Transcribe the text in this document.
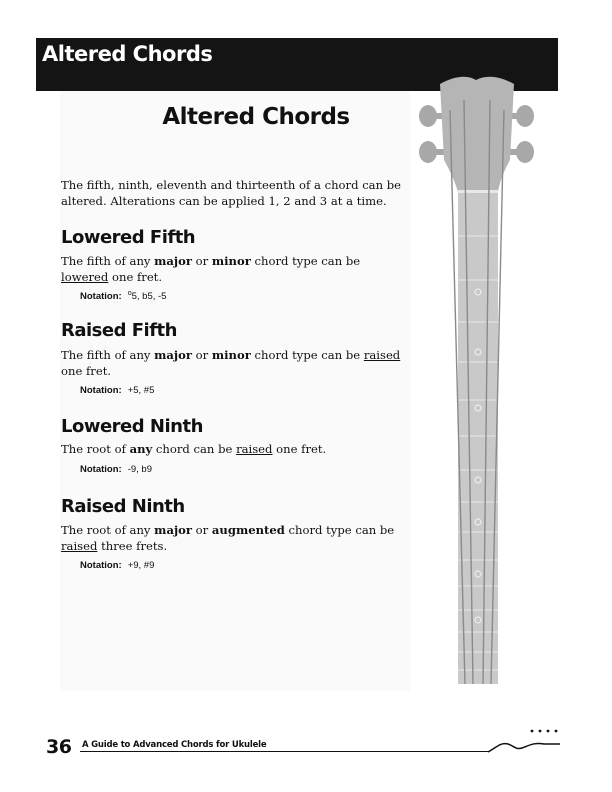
Altered Chords
Altered Chords
The fifth, ninth, eleventh and thirteenth of a chord can be altered. Alterations can be applied 1, 2 and 3 at a time.
Lowered Fifth
The fifth of any major or minor chord type can be lowered one fret.
Notation: $^o$5, b5, -5
Raised Fifth
The fifth of any major or minor chord type can be raised one fret.
Notation: +5, #5
Lowered Ninth
The root of any chord can be raised one fret.
Notation: -9, b9
Raised Ninth
The root of any major or augmented chord type can be raised three frets.
Notation: +9, #9
36 A Guide to Advanced Chords for Ukulele
